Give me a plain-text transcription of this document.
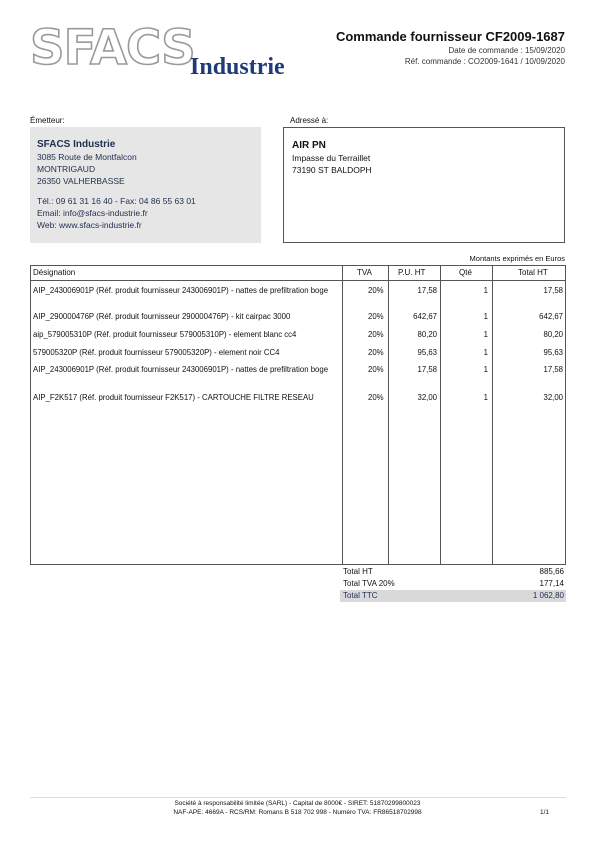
SFACS
Industrie
Commande fournisseur CF2009-1687
Date de commande : 15/09/2020
Réf. commande : CO2009-1641 / 10/09/2020
Émetteur:
SFACS Industrie
3085 Route de Montfalcon
MONTRIGAUD
26350 VALHERBASSE
Tél.: 09 61 31 16 40 - Fax: 04 86 55 63 01
Email: info@sfacs-industrie.fr
Web: www.sfacs-industrie.fr
Adressé à:
AIR PN
Impasse du Terraillet
73190 ST BALDOPH
Montants exprimés en Euros
Désignation	TVA	P.U. HT	Qté	Total HT
AIP_243006901P (Réf. produit fournisseur 243006901P) - nattes de prefiltration boge	20%	17,58	1	17,58
AIP_290000476P (Réf. produit fournisseur 290000476P) - kit cairpac 3000	20%	642,67	1	642,67
aip_579005310P (Réf. produit fournisseur 579005310P) - element blanc cc4	20%	80,20	1	80,20
579005320P (Réf. produit fournisseur 579005320P) - element noir CC4	20%	95,63	1	95,63
AIP_243006901P (Réf. produit fournisseur 243006901P) - nattes de prefiltration boge	20%	17,58	1	17,58
AIP_F2K517 (Réf. produit fournisseur F2K517) - CARTOUCHE FILTRE RESEAU	20%	32,00	1	32,00
Total HT	885,66
Total TVA 20%	177,14
Total TTC	1 062,80
Société à responsabilité limitée (SARL) - Capital de 8000€ - SIRET: 51870299800023
NAF-APE: 4669A - RCS/RM: Romans B 518 702 998 - Numéro TVA: FR86518702998	1/1
